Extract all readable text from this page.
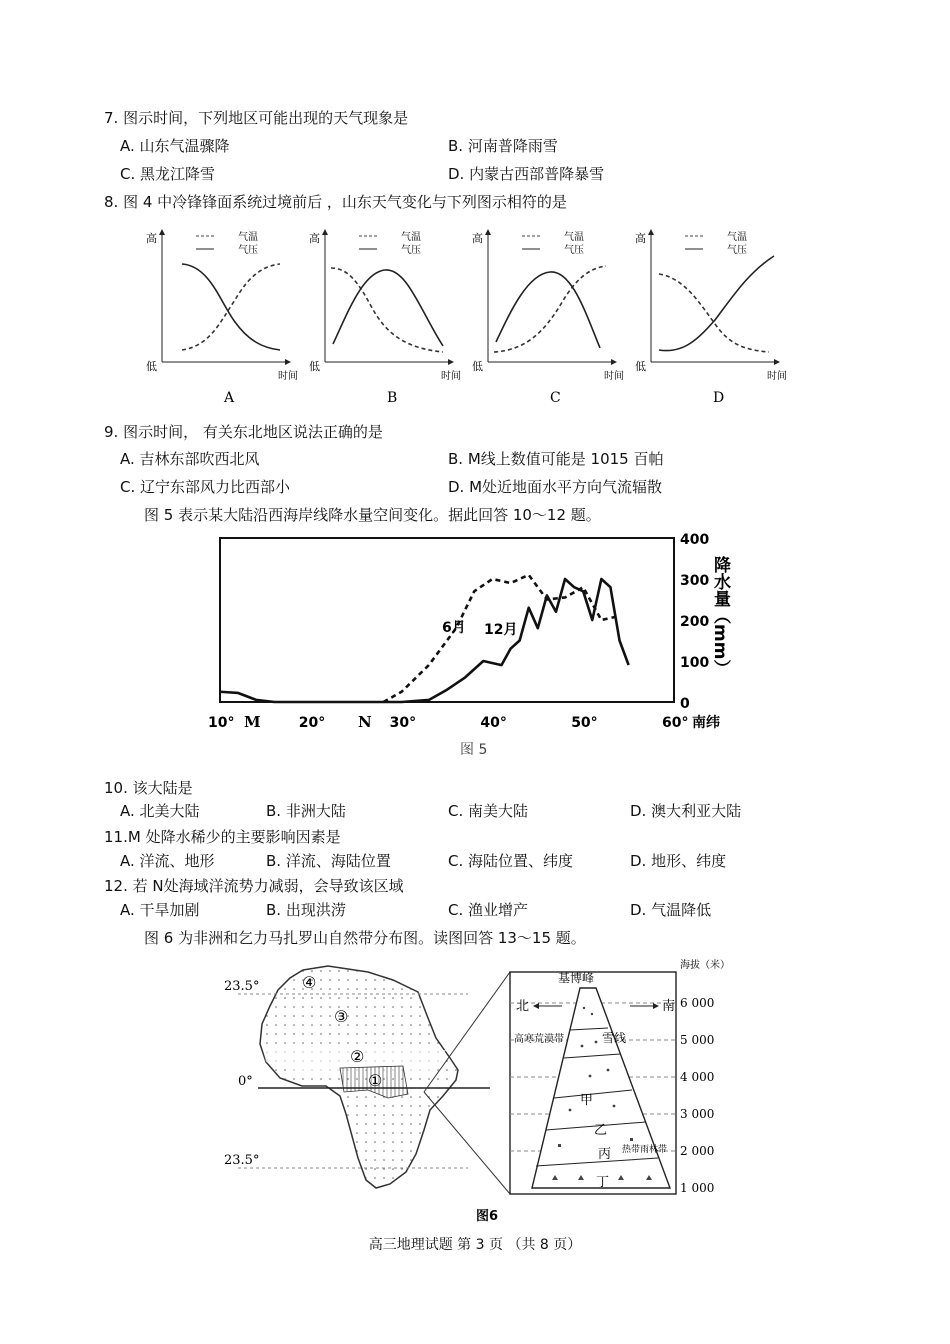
7. 图示时间，下列地区可能出现的天气现象是
A. 山东气温骤降	B. 河南普降雨雪
C. 黑龙江降雪	D. 内蒙古西部普降暴雪
8. 图 4 中冷锋锋面系统过境前后 ，山东天气变化与下列图示相符的是
高
低
时间
气温
气压
A
高
低
时间
气温
气压
B
高
低
时间
气温
气压
C
高
低
时间
气温
气压
D
9. 图示时间， 有关东北地区说法正确的是
A. 吉林东部吹西北风	B. M线上数值可能是 1015 百帕
C. 辽宁东部风力比西部小	D. M处近地面水平方向气流辐散
图 5 表示某大陆沿西海岸线降水量空间变化。据此回答 10～12 题。
10°	20°	30°	40°	50°	60°
0
100
200
300
400
6月 12月
M	N	南纬
降水量（mm）
图 5
10. 该大陆是
A. 北美大陆	B. 非洲大陆	C. 南美大陆	D. 澳大利亚大陆
11.M 处降水稀少的主要影响因素是
A. 洋流、地形	B. 洋流、海陆位置	C. 海陆位置、纬度	D. 地形、纬度
12. 若 N处海域洋流势力减弱，会导致该区域
A. 干旱加剧	B. 出现洪涝	C. 渔业增产	D. 气温降低
图 6 为非洲和乞力马扎罗山自然带分布图。读图回答 13～15 题。
23.5°
0°
23.5°
①
②
③
④	基博峰
北	南
雪线
高寒荒漠带
甲
乙
丙
丁
热带雨林带
海拔（米）
6 000
5 000
4 000
3 000
2 000
1 000
图6
高三地理试题 第 3 页 （共 8 页）
